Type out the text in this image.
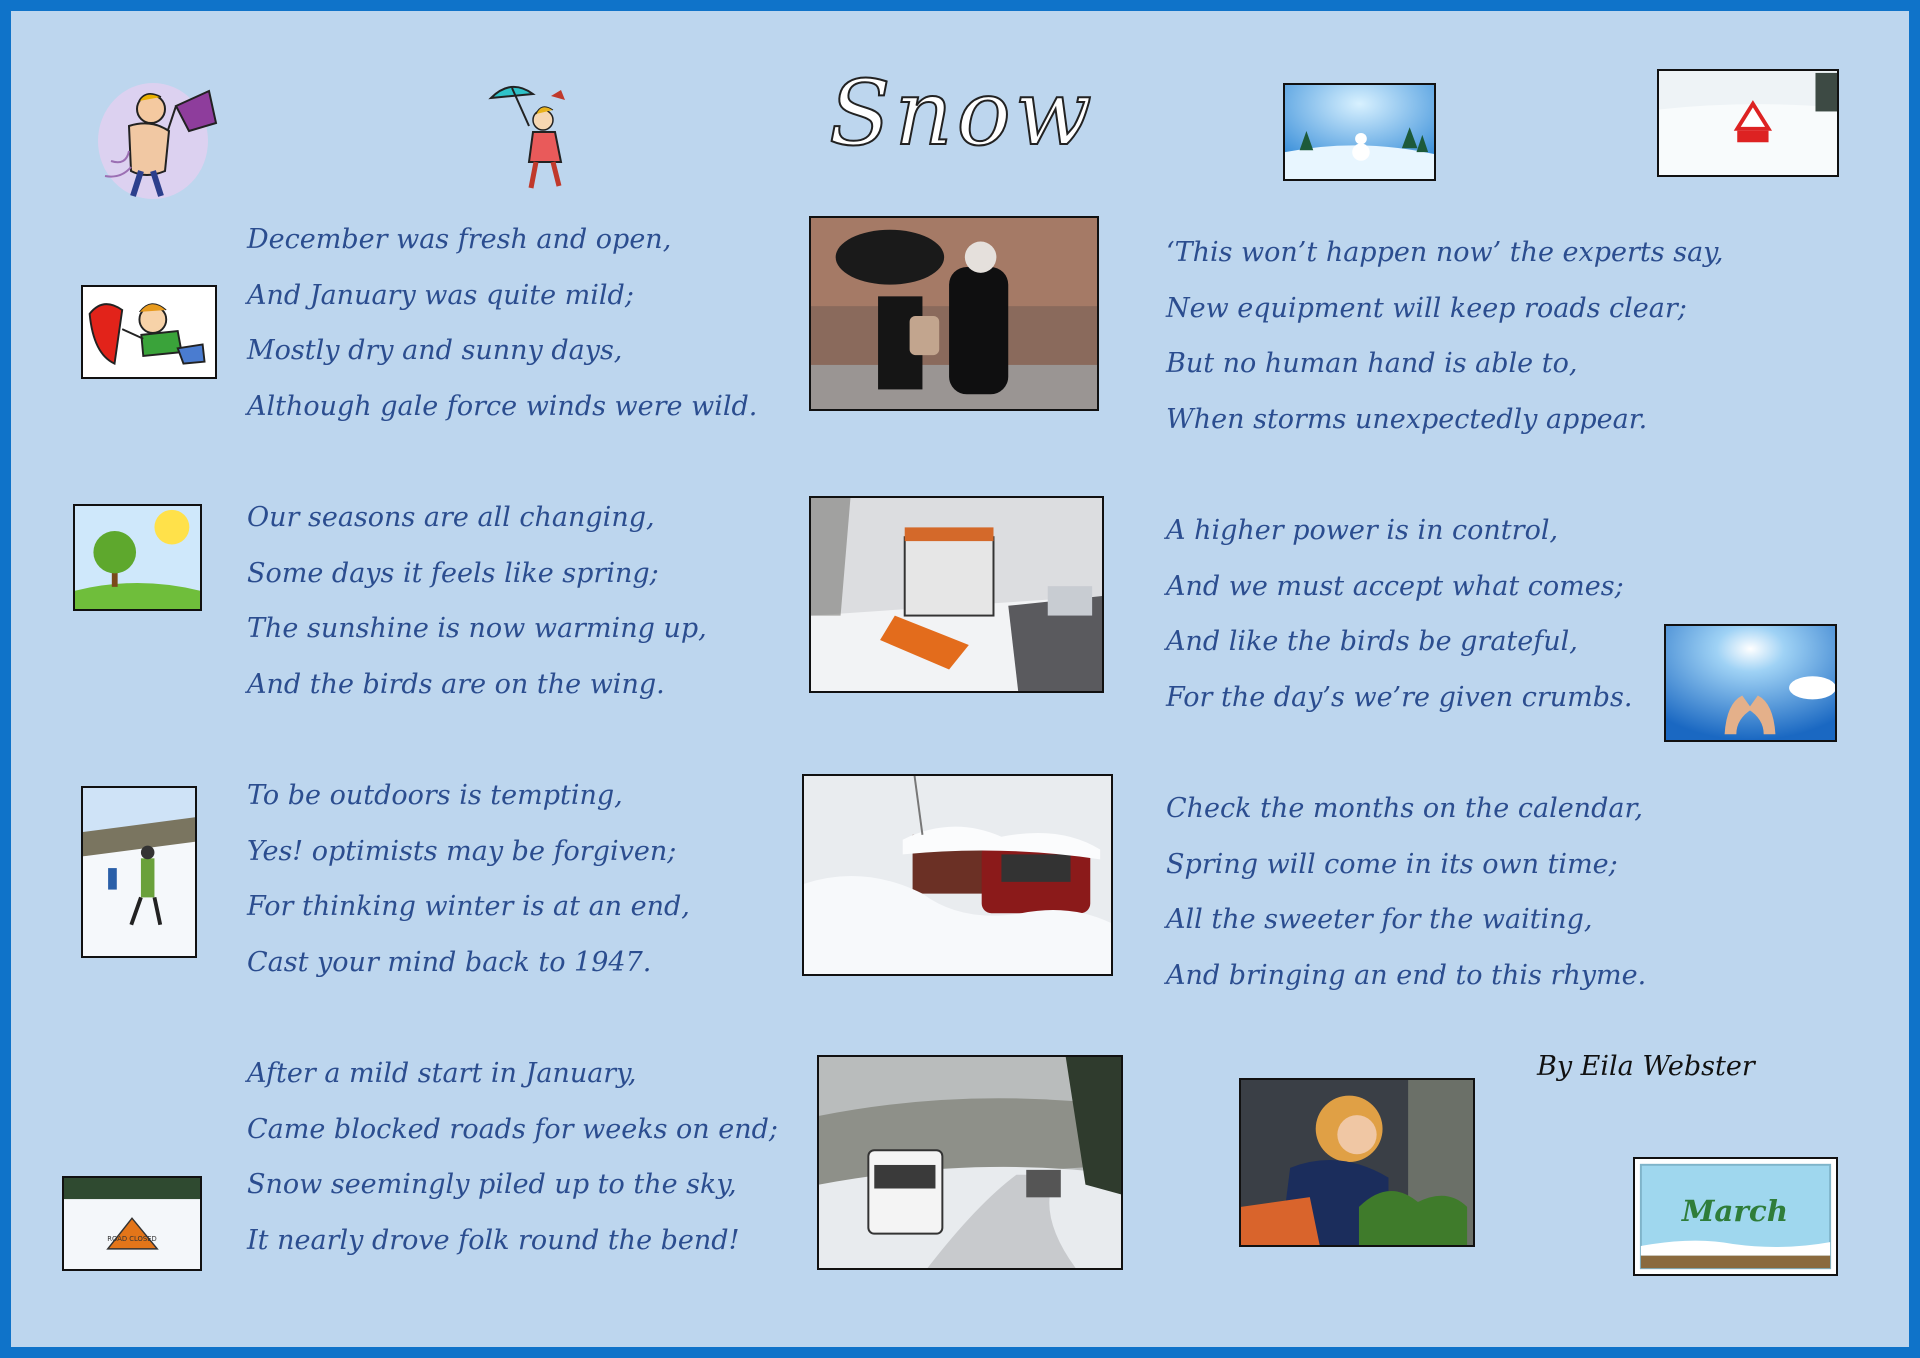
Snow
December was fresh and open,
And January was quite mild;
Mostly dry and sunny days,
Although gale force winds were wild.
Our seasons are all changing,
Some days it feels like spring;
The sunshine is now warming up,
And the birds are on the wing.
To be outdoors is tempting,
Yes! optimists may be forgiven;
For thinking winter is at an end,
Cast your mind back to 1947.
After a mild start in January,
Came blocked roads for weeks on end;
Snow seemingly piled up to the sky,
It nearly drove folk round the bend!
‘This won’t happen now’ the experts say,
New equipment will keep roads clear;
But no human hand is able to,
When storms unexpectedly appear.
A higher power is in control,
And we must accept what comes;
And like the birds be grateful,
For the day’s we’re given crumbs.
Check the months on the calendar,
Spring will come in its own time;
All the sweeter for the waiting,
And bringing an end to this rhyme.
By Eila Webster
ROAD CLOSED
March
